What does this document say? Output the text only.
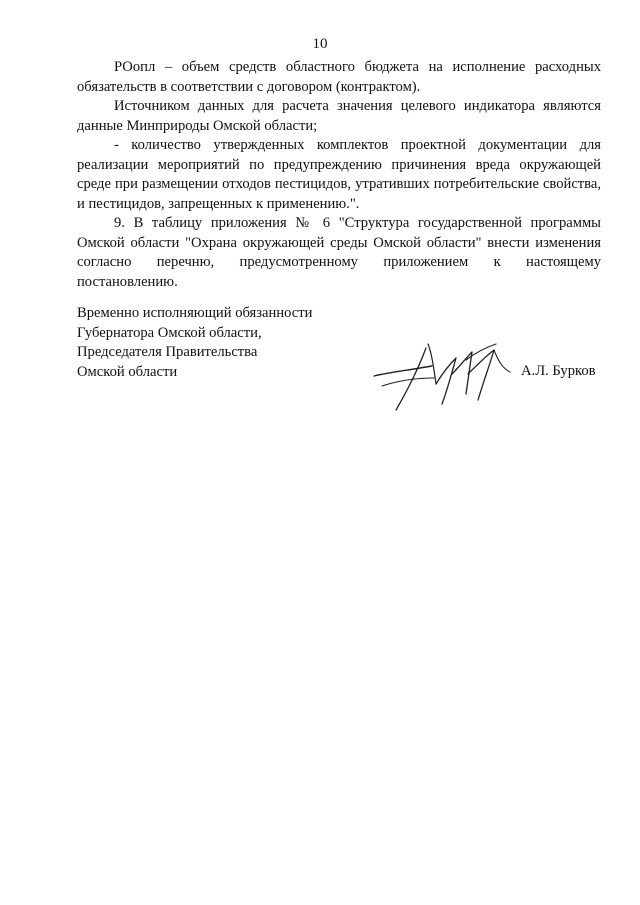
10

РОопл – объем средств областного бюджета на исполнение расходных обязательств в соответствии с договором (контрактом).

Источником данных для расчета значения целевого индикатора являются данные Минприроды Омской области;

- количество утвержденных комплектов проектной документации для реализации мероприятий по предупреждению причинения вреда окружающей среде при размещении отходов пестицидов, утративших потребительские свойства, и пестицидов, запрещенных к применению.".

9. В таблицу приложения № 6 "Структура государственной программы Омской области "Охрана окружающей среды Омской области" внести изменения согласно перечню, предусмотренному приложением к настоящему
постановлению.

Временно исполняющий обязанности
Губернатора Омской области,
Председателя Правительства
Омской области	А.Л. Бурков
